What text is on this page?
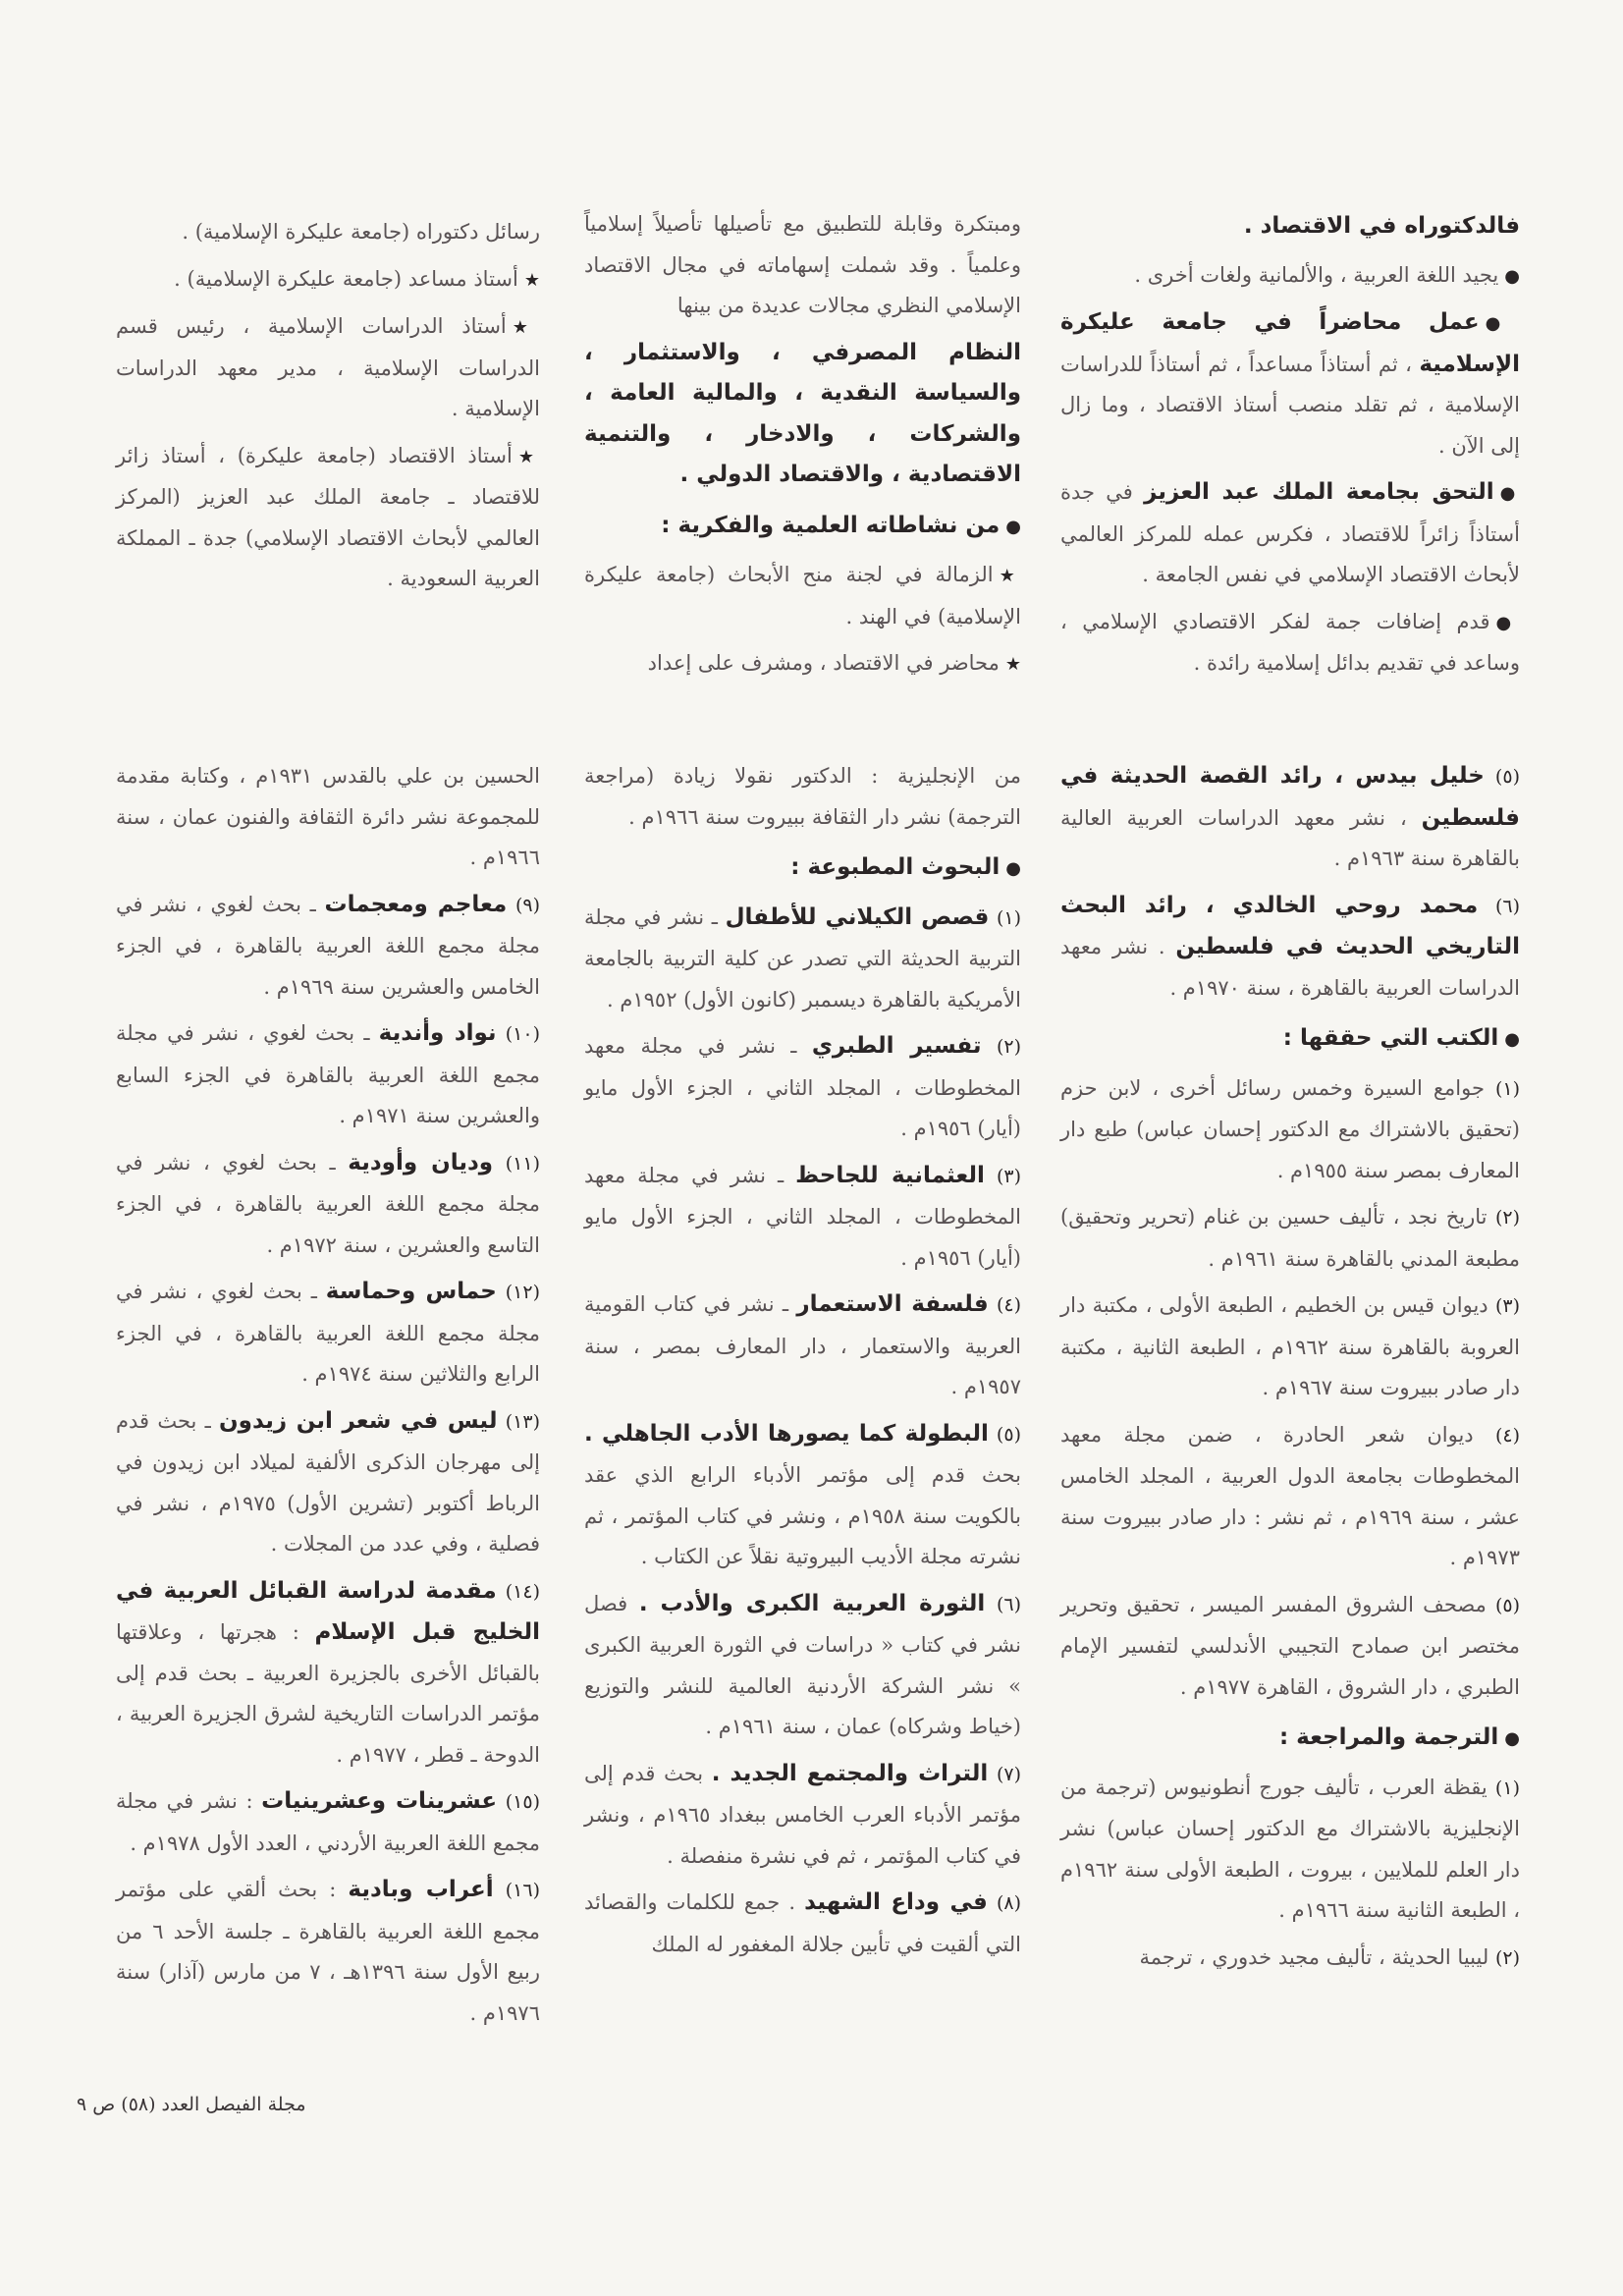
فالدكتوراه في الاقتصاد .

●يجيد اللغة العربية ، والألمانية ولغات أخرى .

●عمل محاضراً في جامعة عليكرة الإسلامية ، ثم أستاذاً مساعداً ، ثم أستاذاً للدراسات الإسلامية ، ثم تقلد منصب أستاذ الاقتصاد ، وما زال إلى الآن .

●التحق بجامعة الملك عبد العزيز في جدة أستاذاً زائراً للاقتصاد ، فكرس عمله للمركز العالمي لأبحاث الاقتصاد الإسلامي في نفس الجامعة .

●قدم إضافات جمة لفكر الاقتصادي الإسلامي ، وساعد في تقديم بدائل إسلامية رائدة .

ومبتكرة وقابلة للتطبيق مع تأصيلها تأصيلاً إسلامياً وعلمياً . وقد شملت إسهاماته في مجال الاقتصاد الإسلامي النظري مجالات عديدة من بينها

النظام المصرفي ، والاستثمار ، والسياسة النقدية ، والمالية العامة ، والشركات ، والادخار ، والتنمية الاقتصادية ، والاقتصاد الدولي .

●من نشاطاته العلمية والفكرية :

★الزمالة في لجنة منح الأبحاث (جامعة عليكرة الإسلامية) في الهند .

★محاضر في الاقتصاد ، ومشرف على إعداد

رسائل دكتوراه (جامعة عليكرة الإسلامية) .

★أستاذ مساعد (جامعة عليكرة الإسلامية) .

★أستاذ الدراسات الإسلامية ، رئيس قسم الدراسات الإسلامية ، مدير معهد الدراسات الإسلامية .

★أستاذ الاقتصاد (جامعة عليكرة) ، أستاذ زائر للاقتصاد ـ جامعة الملك عبد العزيز (المركز العالمي لأبحاث الاقتصاد الإسلامي) جدة ـ المملكة العربية السعودية .

(٥) خليل بيدس ، رائد القصة الحديثة في فلسطين ، نشر معهد الدراسات العربية العالية بالقاهرة سنة ١٩٦٣م .

(٦) محمد روحي الخالدي ، رائد البحث التاريخي الحديث في فلسطين . نشر معهد الدراسات العربية بالقاهرة ، سنة ١٩٧٠م .

●الكتب التي حققها :

(١) جوامع السيرة وخمس رسائل أخرى ، لابن حزم (تحقيق بالاشتراك مع الدكتور إحسان عباس) طبع دار المعارف بمصر سنة ١٩٥٥م .

(٢) تاريخ نجد ، تأليف حسين بن غنام (تحرير وتحقيق) مطبعة المدني بالقاهرة سنة ١٩٦١م .

(٣) ديوان قيس بن الخطيم ، الطبعة الأولى ، مكتبة دار العروبة بالقاهرة سنة ١٩٦٢م ، الطبعة الثانية ، مكتبة دار صادر ببيروت سنة ١٩٦٧م .

(٤) ديوان شعر الحادرة ، ضمن مجلة معهد المخطوطات بجامعة الدول العربية ، المجلد الخامس عشر ، سنة ١٩٦٩م ، ثم نشر : دار صادر ببيروت سنة ١٩٧٣م .

(٥) مصحف الشروق المفسر الميسر ، تحقيق وتحرير مختصر ابن صمادح التجيبي الأندلسي لتفسير الإمام الطبري ، دار الشروق ، القاهرة ١٩٧٧م .

●الترجمة والمراجعة :

(١) يقظة العرب ، تأليف جورج أنطونيوس (ترجمة من الإنجليزية بالاشتراك مع الدكتور إحسان عباس) نشر دار العلم للملايين ، بيروت ، الطبعة الأولى سنة ١٩٦٢م ، الطبعة الثانية سنة ١٩٦٦م .

(٢) ليبيا الحديثة ، تأليف مجيد خدوري ، ترجمة

من الإنجليزية : الدكتور نقولا زيادة (مراجعة الترجمة) نشر دار الثقافة ببيروت سنة ١٩٦٦م .

●البحوث المطبوعة :

(١) قصص الكيلاني للأطفال ـ نشر في مجلة التربية الحديثة التي تصدر عن كلية التربية بالجامعة الأمريكية بالقاهرة ديسمبر (كانون الأول) ١٩٥٢م .

(٢) تفسير الطبري ـ نشر في مجلة معهد المخطوطات ، المجلد الثاني ، الجزء الأول مايو (أيار) ١٩٥٦م .

(٣) العثمانية للجاحظ ـ نشر في مجلة معهد المخطوطات ، المجلد الثاني ، الجزء الأول مايو (أيار) ١٩٥٦م .

(٤) فلسفة الاستعمار ـ نشر في كتاب القومية العربية والاستعمار ، دار المعارف بمصر ، سنة ١٩٥٧م .

(٥) البطولة كما يصورها الأدب الجاهلي . بحث قدم إلى مؤتمر الأدباء الرابع الذي عقد بالكويت سنة ١٩٥٨م ، ونشر في كتاب المؤتمر ، ثم نشرته مجلة الأديب البيروتية نقلاً عن الكتاب .

(٦) الثورة العربية الكبرى والأدب . فصل نشر في كتاب « دراسات في الثورة العربية الكبرى » نشر الشركة الأردنية العالمية للنشر والتوزيع (خياط وشركاه) عمان ، سنة ١٩٦١م .

(٧) التراث والمجتمع الجديد . بحث قدم إلى مؤتمر الأدباء العرب الخامس ببغداد ١٩٦٥م ، ونشر في كتاب المؤتمر ، ثم في نشرة منفصلة .

(٨) في وداع الشهيد . جمع للكلمات والقصائد التي ألقيت في تأبين جلالة المغفور له الملك

الحسين بن علي بالقدس ١٩٣١م ، وكتابة مقدمة للمجموعة نشر دائرة الثقافة والفنون عمان ، سنة ١٩٦٦م .

(٩) معاجم ومعجمات ـ بحث لغوي ، نشر في مجلة مجمع اللغة العربية بالقاهرة ، في الجزء الخامس والعشرين سنة ١٩٦٩م .

(١٠) نواد وأندية ـ بحث لغوي ، نشر في مجلة مجمع اللغة العربية بالقاهرة في الجزء السابع والعشرين سنة ١٩٧١م .

(١١) وديان وأودية ـ بحث لغوي ، نشر في مجلة مجمع اللغة العربية بالقاهرة ، في الجزء التاسع والعشرين ، سنة ١٩٧٢م .

(١٢) حماس وحماسة ـ بحث لغوي ، نشر في مجلة مجمع اللغة العربية بالقاهرة ، في الجزء الرابع والثلاثين سنة ١٩٧٤م .

(١٣) ليس في شعر ابن زيدون ـ بحث قدم إلى مهرجان الذكرى الألفية لميلاد ابن زيدون في الرباط أكتوبر (تشرين الأول) ١٩٧٥م ، نشر في فصلية ، وفي عدد من المجلات .

(١٤) مقدمة لدراسة القبائل العربية في الخليج قبل الإسلام : هجرتها ، وعلاقتها بالقبائل الأخرى بالجزيرة العربية ـ بحث قدم إلى مؤتمر الدراسات التاريخية لشرق الجزيرة العربية ، الدوحة ـ قطر ، ١٩٧٧م .

(١٥) عشرينات وعشرينيات : نشر في مجلة مجمع اللغة العربية الأردني ، العدد الأول ١٩٧٨م .

(١٦) أعراب وبادية : بحث ألقي على مؤتمر مجمع اللغة العربية بالقاهرة ـ جلسة الأحد ٦ من ربيع الأول سنة ١٣٩٦هـ ، ٧ من مارس (آذار) سنة ١٩٧٦م .

مجلة الفيصل العدد (٥٨) ص ٩
